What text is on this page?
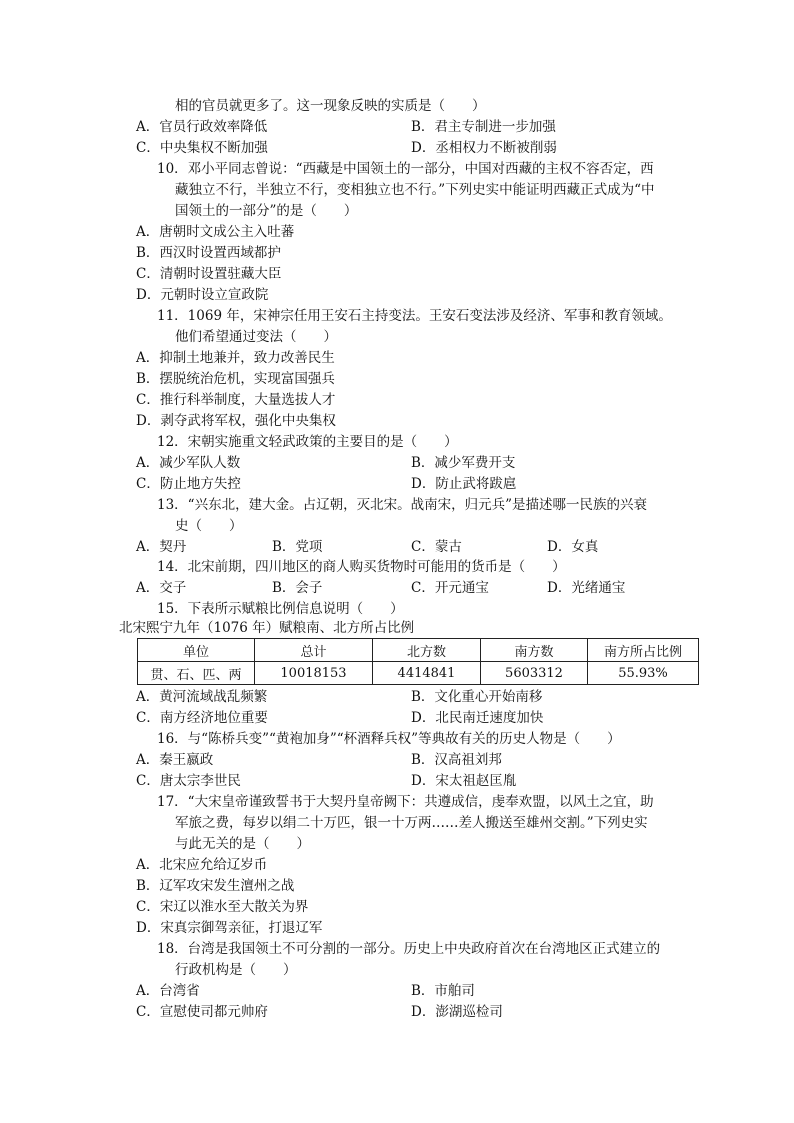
相的官员就更多了。这一现象反映的实质是（　　）
A．官员行政效率降低	B．君主专制进一步加强
C．中央集权不断加强	D．丞相权力不断被削弱
10．邓小平同志曾说：“西藏是中国领土的一部分，中国对西藏的主权不容否定，西
藏独立不行，半独立不行，变相独立也不行。”下列史实中能证明西藏正式成为“中
国领土的一部分”的是（　　）
A．唐朝时文成公主入吐蕃
B．西汉时设置西域都护
C．清朝时设置驻藏大臣
D．元朝时设立宣政院
11．1069 年，宋神宗任用王安石主持变法。王安石变法涉及经济、军事和教育领域。
他们希望通过变法（　　）
A．抑制土地兼并，致力改善民生
B．摆脱统治危机，实现富国强兵
C．推行科举制度，大量选拔人才
D．剥夺武将军权，强化中央集权
12．宋朝实施重文轻武政策的主要目的是（　　）
A．减少军队人数	B．减少军费开支
C．防止地方失控	D．防止武将跋扈
13．“兴东北，建大金。占辽朝，灭北宋。战南宋，归元兵”是描述哪一民族的兴衰
史（　　）
A．契丹	B．党项	C．蒙古	D．女真
14．北宋前期，四川地区的商人购买货物时可能用的货币是（　　）
A．交子	B．会子	C．开元通宝	D．光绪通宝
15．下表所示赋粮比例信息说明（　　）
北宋熙宁九年（1076 年）赋粮南、北方所占比例
单位	总计	北方数	南方数	南方所占比例
贯、石、匹、两	10018153	4414841	5603312	55.93%
A．黄河流域战乱频繁	B．文化重心开始南移
C．南方经济地位重要	D．北民南迁速度加快
16．与“陈桥兵变”“黄袍加身”“杯酒释兵权”等典故有关的历史人物是（　　）
A．秦王嬴政	B．汉高祖刘邦
C．唐太宗李世民	D．宋太祖赵匡胤
17．“大宋皇帝谨致誓书于大契丹皇帝阙下：共遵成信，虔奉欢盟，以风土之宜，助
军旅之费，每岁以绢二十万匹，银一十万两……差人搬送至雄州交割。”下列史实
与此无关的是（　　）
A．北宋应允给辽岁币
B．辽军攻宋发生澶州之战
C．宋辽以淮水至大散关为界
D．宋真宗御驾亲征，打退辽军
18．台湾是我国领土不可分割的一部分。历史上中央政府首次在台湾地区正式建立的
行政机构是（　　）
A．台湾省	B．市舶司
C．宣慰使司都元帅府	D．澎湖巡检司
